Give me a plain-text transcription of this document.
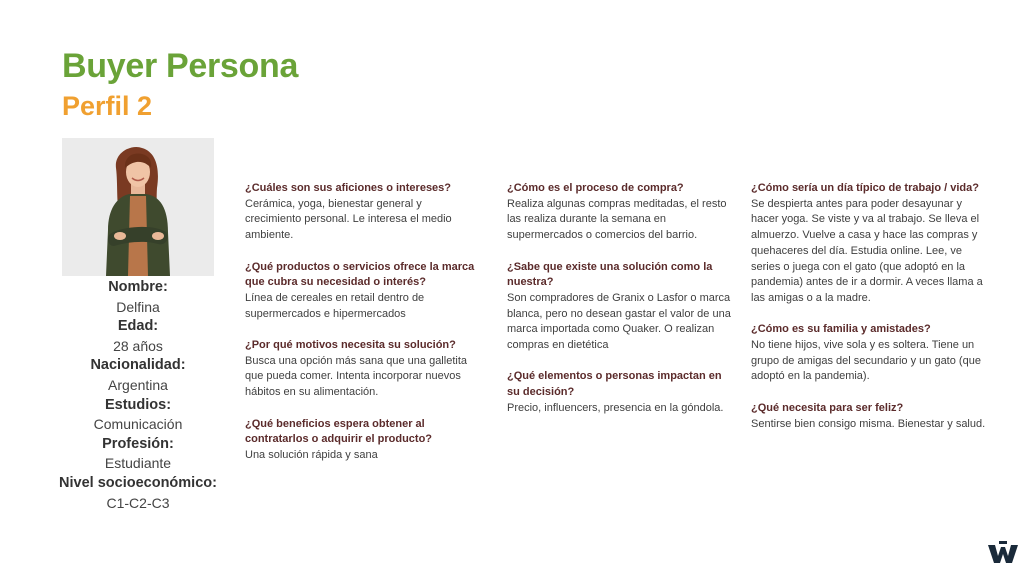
Buyer Persona
Perfil 2
Nombre:
Delfina
Edad:
28 años
Nacionalidad:
Argentina
Estudios:
Comunicación
Profesión:
Estudiante
Nivel socioeconómico:
C1-C2-C3
¿Cuáles son sus aficiones o intereses?
Cerámica, yoga, bienestar general y crecimiento personal. Le interesa el medio ambiente.
¿Qué productos o servicios ofrece la marca que cubra su necesidad o interés?
Línea de cereales en retail dentro de supermercados e hipermercados
¿Por qué motivos necesita su solución?
Busca una opción más sana que una galletita que pueda comer. Intenta incorporar nuevos hábitos en su alimentación.
¿Qué beneficios espera obtener al contratarlos o adquirir el producto?
Una solución rápida y sana
¿Cómo es el proceso de compra?
Realiza algunas compras meditadas, el resto las realiza durante la semana en supermercados o comercios del barrio.
¿Sabe que existe una solución como la nuestra?
Son compradores de Granix o Lasfor o marca blanca, pero no desean gastar el valor de una marca importada como Quaker. O realizan compras en dietética
¿Qué elementos o personas impactan en su decisión?
Precio, influencers, presencia en la góndola.
¿Cómo sería un día típico de trabajo / vida?
Se despierta antes para poder desayunar y hacer yoga. Se viste y va al trabajo. Se lleva el almuerzo. Vuelve a casa y hace las compras y quehaceres del día. Estudia online. Lee, ve series o juega con el gato (que adoptó en la pandemia) antes de ir a dormir. A veces llama a las amigas o a la madre.
¿Cómo es su familia y amistades?
No tiene hijos, vive sola y es soltera. Tiene un grupo de amigas del secundario y un gato (que adoptó en la pandemia).
¿Qué necesita para ser feliz?
Sentirse bien consigo misma. Bienestar y salud.
